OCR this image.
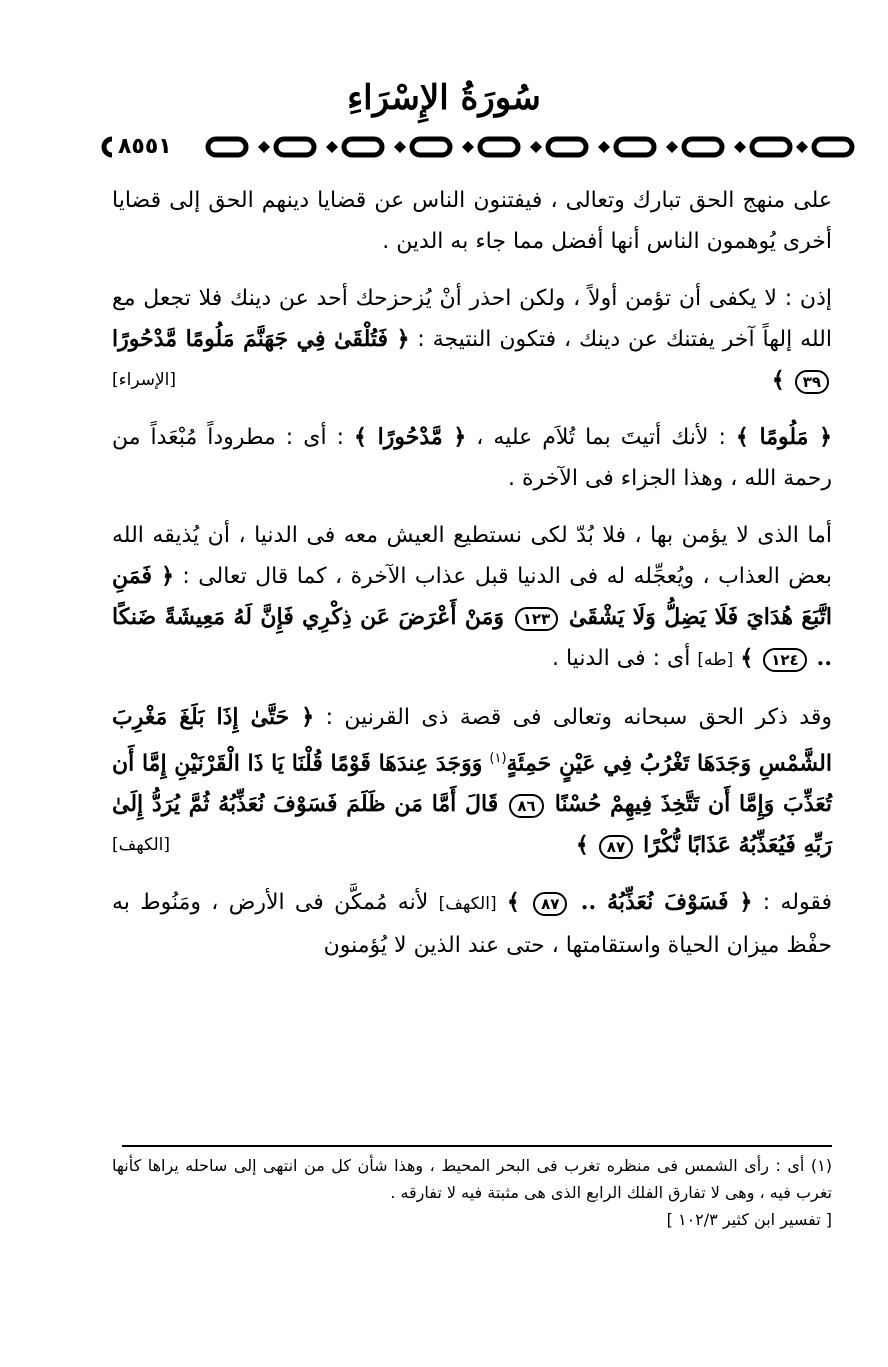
سُورَةُ الإِسْرَاءِ
٨٥٥١

على منهج الحق تبارك وتعالى ، فيفتنون الناس عن قضايا دينهم الحق إلى قضايا أخرى يُوهمون الناس أنها أفضل مما جاء به الدين .

إذن : لا يكفى أن تؤمن أولاً ، ولكن احذر أنْ يُزحزحك أحد عن دينك فلا تجعل مع الله إلهاً آخر يفتنك عن دينك ، فتكون النتيجة : ﴿ فَتُلْقَىٰ فِي جَهَنَّمَ مَلُومًا مَّدْحُورًا ٣٩ ﴾
[الإسراء]

﴿ مَلُومًا ﴾ : لأنك أتيتَ بما تُلاَم عليه ، ﴿ مَّدْحُورًا ﴾ : أى : مطروداً مُبْعَداً من رحمة الله ، وهذا الجزاء فى الآخرة .

أما الذى لا يؤمن بها ، فلا بُدّ لكى نستطيع العيش معه فى الدنيا ، أن يُذيقه الله بعض العذاب ، ويُعجِّله له فى الدنيا قبل عذاب الآخرة ، كما قال تعالى : ﴿ فَمَنِ اتَّبَعَ هُدَايَ فَلَا يَضِلُّ وَلَا يَشْقَىٰ ١٢٣ وَمَنْ أَعْرَضَ عَن ذِكْرِي فَإِنَّ لَهُ مَعِيشَةً ضَنكًا .. ١٢٤ ﴾ [طه] أى : فى الدنيا .

وقد ذكر الحق سبحانه وتعالى فى قصة ذى القرنين : ﴿ حَتَّىٰ إِذَا بَلَغَ مَغْرِبَ الشَّمْسِ وَجَدَهَا تَغْرُبُ فِي عَيْنٍ حَمِئَةٍ$^{(١)}$ وَوَجَدَ عِندَهَا قَوْمًا قُلْنَا يَا ذَا الْقَرْنَيْنِ إِمَّا أَن تُعَذِّبَ وَإِمَّا أَن تَتَّخِذَ فِيهِمْ حُسْنًا ٨٦ قَالَ أَمَّا مَن ظَلَمَ فَسَوْفَ نُعَذِّبُهُ ثُمَّ يُرَدُّ إِلَىٰ رَبِّهِ فَيُعَذِّبُهُ عَذَابًا نُّكْرًا ٨٧ ﴾
[الكهف]

فقوله : ﴿ فَسَوْفَ نُعَذِّبُهُ .. ٨٧ ﴾ [الكهف] لأنه مُمكَّن فى الأرض ، ومَنُوط به حفْظ ميزان الحياة واستقامتها ، حتى عند الذين لا يُؤمنون

(١) أى : رأى الشمس فى منظره تغرب فى البحر المحيط ، وهذا شأن كل من انتهى إلى ساحله يراها كأنها تغرب فيه ، وهى لا تفارق الفلك الرابع الذى هى مثبتة فيه لا تفارقه .
[ تفسير ابن كثير ١٠٢/٣ ]
